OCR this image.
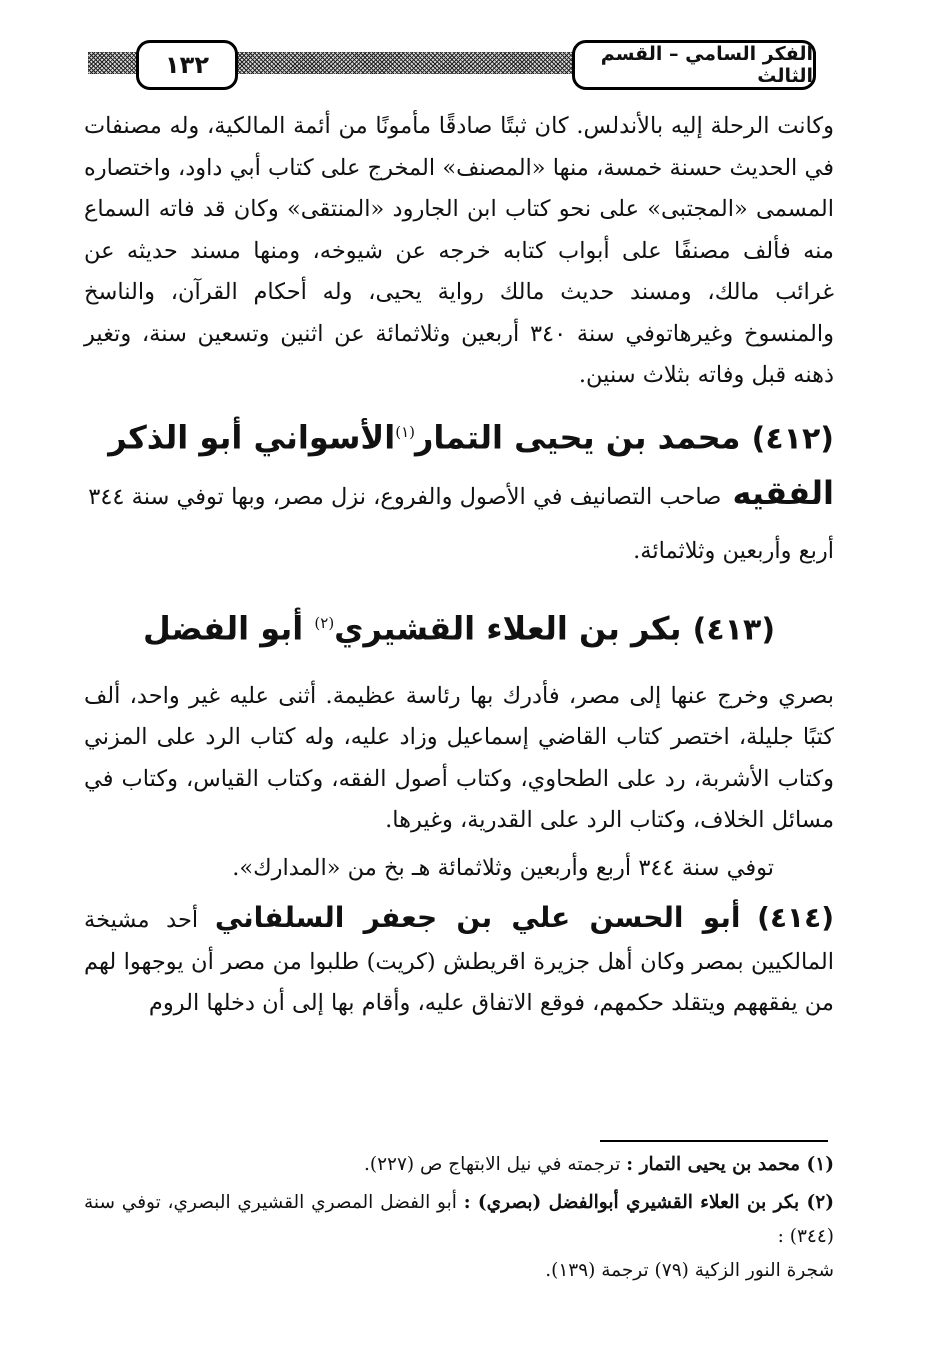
الفكر السامي – القسم الثالث
١٣٢

وكانت الرحلة إليه بالأندلس. كان ثبتًا صادقًا مأمونًا من أئمة المالكية، وله مصنفات في الحديث حسنة خمسة، منها «المصنف» المخرج على كتاب أبي داود، واختصاره المسمى «المجتبى» على نحو كتاب ابن الجارود «المنتقى» وكان قد فاته السماع منه فألف مصنفًا على أبواب كتابه خرجه عن شيوخه، ومنها مسند حديثه عن غرائب مالك، ومسند حديث مالك رواية يحيى، وله أحكام القرآن، والناسخ والمنسوخ وغيرهاتوفي سنة ٣٤٠ أربعين وثلاثمائة عن اثنين وتسعين سنة، وتغير ذهنه قبل وفاته بثلاث سنين.

(٤١٢) محمد بن يحيى التمار$^{(١)}$الأسواني أبو الذكر الفقيه صاحب التصانيف في الأصول والفروع، نزل مصر، وبها توفي سنة ٣٤٤ أربع وأربعين وثلاثمائة.

(٤١٣) بكر بن العلاء القشيري$^{(٢)}$ أبو الفضل

بصري وخرج عنها إلى مصر، فأدرك بها رئاسة عظيمة. أثنى عليه غير واحد، ألف كتبًا جليلة، اختصر كتاب القاضي إسماعيل وزاد عليه، وله كتاب الرد على المزني وكتاب الأشربة، رد على الطحاوي، وكتاب أصول الفقه، وكتاب القياس، وكتاب في مسائل الخلاف، وكتاب الرد على القدرية، وغيرها.

توفي سنة ٣٤٤ أربع وأربعين وثلاثمائة هـ بخ من «المدارك».

(٤١٤) أبو الحسن علي بن جعفر السلفاني أحد مشيخة المالكيين بمصر وكان أهل جزيرة اقريطش (كريت) طلبوا من مصر أن يوجهوا لهم من يفقههم ويتقلد حكمهم، فوقع الاتفاق عليه، وأقام بها إلى أن دخلها الروم

(١) محمد بن يحيى التمار : ترجمته في نيل الابتهاج ص (٢٢٧).

(٢) بكر بن العلاء القشيري أبوالفضل (بصري) : أبو الفضل المصري القشيري البصري، توفي سنة (٣٤٤) :

شجرة النور الزكية (٧٩) ترجمة (١٣٩).
